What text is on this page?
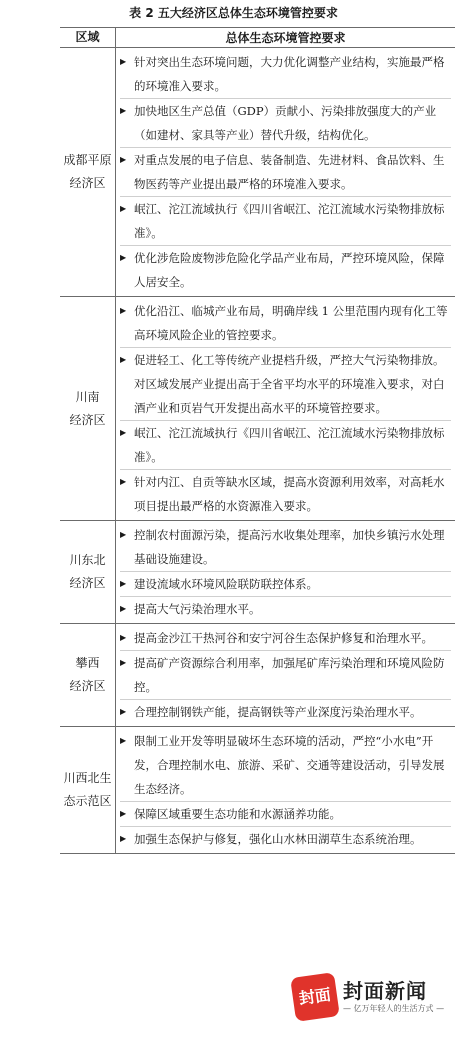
表 2 五大经济区总体生态环境管控要求
区域	总体生态环境管控要求
成都平原
经济区
▶ 针对突出生态环境问题，大力优化调整产业结构，实施最严格的环境准入要求。
▶ 加快地区生产总值（GDP）贡献小、污染排放强度大的产业（如建材、家具等产业）替代升级，结构优化。
▶ 对重点发展的电子信息、装备制造、先进材料、食品饮料、生物医药等产业提出最严格的环境准入要求。
▶ 岷江、沱江流域执行《四川省岷江、沱江流域水污染物排放标准》。
▶ 优化涉危险废物涉危险化学品产业布局，严控环境风险，保障人居安全。
川南
经济区
▶ 优化沿江、临城产业布局，明确岸线 1 公里范围内现有化工等高环境风险企业的管控要求。
▶ 促进轻工、化工等传统产业提档升级，严控大气污染物排放。对区域发展产业提出高于全省平均水平的环境准入要求，对白酒产业和页岩气开发提出高水平的环境管控要求。
▶ 岷江、沱江流域执行《四川省岷江、沱江流域水污染物排放标准》。
▶ 针对内江、自贡等缺水区域，提高水资源利用效率，对高耗水项目提出最严格的水资源准入要求。
川东北
经济区
▶ 控制农村面源污染，提高污水收集处理率，加快乡镇污水处理基础设施建设。
▶ 建设流域水环境风险联防联控体系。
▶ 提高大气污染治理水平。
攀西
经济区
▶ 提高金沙江干热河谷和安宁河谷生态保护修复和治理水平。
▶ 提高矿产资源综合利用率，加强尾矿库污染治理和环境风险防控。
▶ 合理控制钢铁产能，提高钢铁等产业深度污染治理水平。
川西北生
态示范区
▶ 限制工业开发等明显破坏生态环境的活动，严控“小水电”开发，合理控制水电、旅游、采矿、交通等建设活动，引导发展生态经济。
▶ 保障区域重要生态功能和水源涵养功能。
▶ 加强生态保护与修复，强化山水林田湖草生态系统治理。
封面 封面新闻
— 亿万年轻人的生活方式 —
